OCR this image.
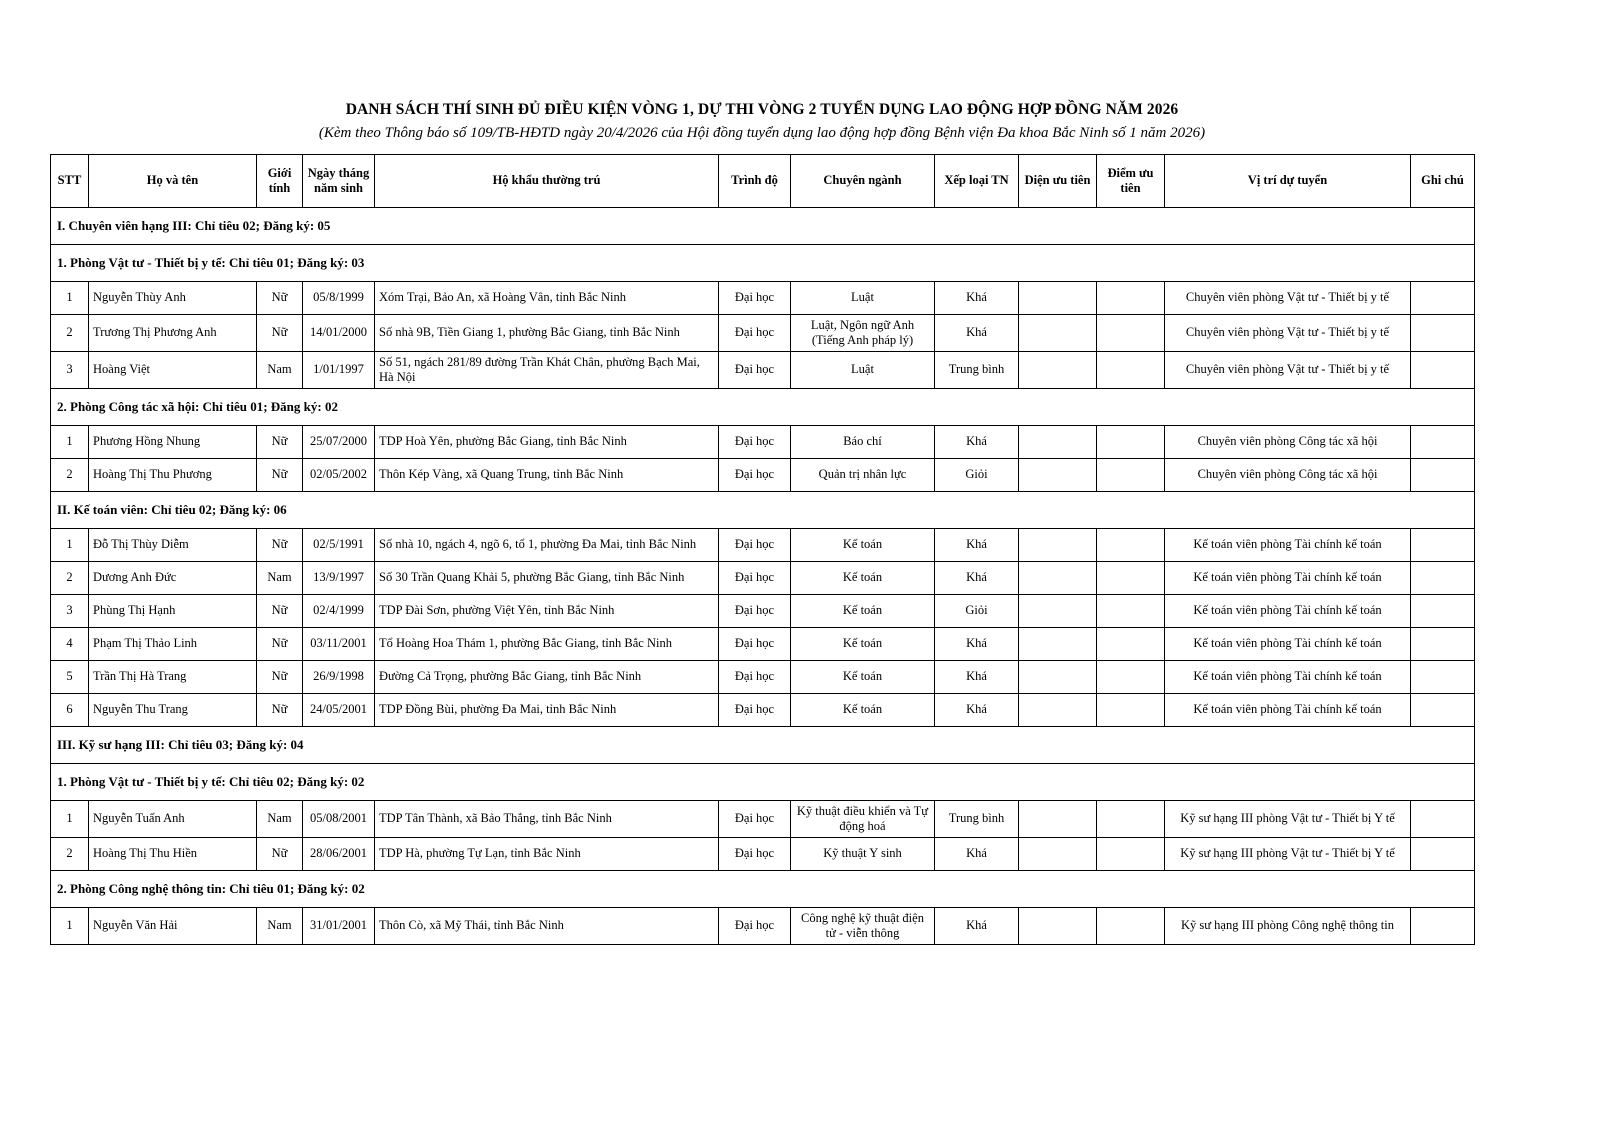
DANH SÁCH THÍ SINH ĐỦ ĐIỀU KIỆN VÒNG 1, DỰ THI VÒNG 2 TUYỂN DỤNG LAO ĐỘNG HỢP ĐỒNG NĂM 2026
(Kèm theo Thông báo số 109/TB-HĐTD ngày 20/4/2026 của Hội đồng tuyển dụng lao động hợp đồng Bệnh viện Đa khoa Bắc Ninh số 1 năm 2026)
STT	Họ và tên	Giới tính	Ngày tháng năm sinh	Hộ khẩu thường trú	Trình độ	Chuyên ngành	Xếp loại TN	Diện ưu tiên	Điểm ưu tiên	Vị trí dự tuyển	Ghi chú
I. Chuyên viên hạng III: Chỉ tiêu 02; Đăng ký: 05											
1. Phòng Vật tư - Thiết bị y tế: Chỉ tiêu 01; Đăng ký: 03											
1	Nguyễn Thùy Anh	Nữ	05/8/1999	Xóm Trại, Bảo An, xã Hoàng Vân, tỉnh Bắc Ninh	Đại học	Luật	Khá			Chuyên viên phòng Vật tư - Thiết bị y tế	
2	Trương Thị Phương Anh	Nữ	14/01/2000	Số nhà 9B, Tiền Giang 1, phường Bắc Giang, tỉnh Bắc Ninh	Đại học	Luật, Ngôn ngữ Anh (Tiếng Anh pháp lý)	Khá			Chuyên viên phòng Vật tư - Thiết bị y tế	
3	Hoàng Việt	Nam	1/01/1997	Số 51, ngách 281/89 đường Trần Khát Chân, phường Bạch Mai, Hà Nội	Đại học	Luật	Trung bình			Chuyên viên phòng Vật tư - Thiết bị y tế	
2. Phòng Công tác xã hội: Chỉ tiêu 01; Đăng ký: 02											
1	Phương Hồng Nhung	Nữ	25/07/2000	TDP Hoà Yên, phường Bắc Giang, tỉnh Bắc Ninh	Đại học	Báo chí	Khá			Chuyên viên phòng Công tác xã hội	
2	Hoàng Thị Thu Phương	Nữ	02/05/2002	Thôn Kép Vàng, xã Quang Trung, tỉnh Bắc Ninh	Đại học	Quản trị nhân lực	Giỏi			Chuyên viên phòng Công tác xã hội	
II. Kế toán viên: Chỉ tiêu 02; Đăng ký: 06											
1	Đỗ Thị Thùy Diễm	Nữ	02/5/1991	Số nhà 10, ngách 4, ngõ 6, tổ 1, phường Đa Mai, tỉnh Bắc Ninh	Đại học	Kế toán	Khá			Kế toán viên phòng Tài chính kế toán	
2	Dương Anh Đức	Nam	13/9/1997	Số 30 Trần Quang Khải 5, phường Bắc Giang, tỉnh Bắc Ninh	Đại học	Kế toán	Khá			Kế toán viên phòng Tài chính kế toán	
3	Phùng Thị Hạnh	Nữ	02/4/1999	TDP Đài Sơn, phường Việt Yên, tỉnh Bắc Ninh	Đại học	Kế toán	Giỏi			Kế toán viên phòng Tài chính kế toán	
4	Phạm Thị Thảo Linh	Nữ	03/11/2001	Tổ Hoàng Hoa Thám 1, phường Bắc Giang, tỉnh Bắc Ninh	Đại học	Kế toán	Khá			Kế toán viên phòng Tài chính kế toán	
5	Trần Thị Hà Trang	Nữ	26/9/1998	Đường Cả Trọng, phường Bắc Giang, tỉnh Bắc Ninh	Đại học	Kế toán	Khá			Kế toán viên phòng Tài chính kế toán	
6	Nguyễn Thu Trang	Nữ	24/05/2001	TDP Đồng Bùi, phường Đa Mai, tỉnh Bắc Ninh	Đại học	Kế toán	Khá			Kế toán viên phòng Tài chính kế toán	
III. Kỹ sư hạng III: Chỉ tiêu 03; Đăng ký: 04											
1. Phòng Vật tư - Thiết bị y tế: Chỉ tiêu 02; Đăng ký: 02											
1	Nguyễn Tuấn Anh	Nam	05/08/2001	TDP Tân Thành, xã Bảo Thắng, tỉnh Bắc Ninh	Đại học	Kỹ thuật điều khiển và Tự động hoá	Trung bình			Kỹ sư hạng III phòng Vật tư - Thiết bị Y tế	
2	Hoàng Thị Thu Hiền	Nữ	28/06/2001	TDP Hà, phường Tự Lạn, tỉnh Bắc Ninh	Đại học	Kỹ thuật Y sinh	Khá			Kỹ sư hạng III phòng Vật tư - Thiết bị Y tế	
2. Phòng Công nghệ thông tin: Chỉ tiêu 01; Đăng ký: 02											
1	Nguyễn Văn Hải	Nam	31/01/2001	Thôn Cò, xã Mỹ Thái, tỉnh Bắc Ninh	Đại học	Công nghệ kỹ thuật điện tử - viễn thông	Khá			Kỹ sư hạng III phòng Công nghệ thông tin	
